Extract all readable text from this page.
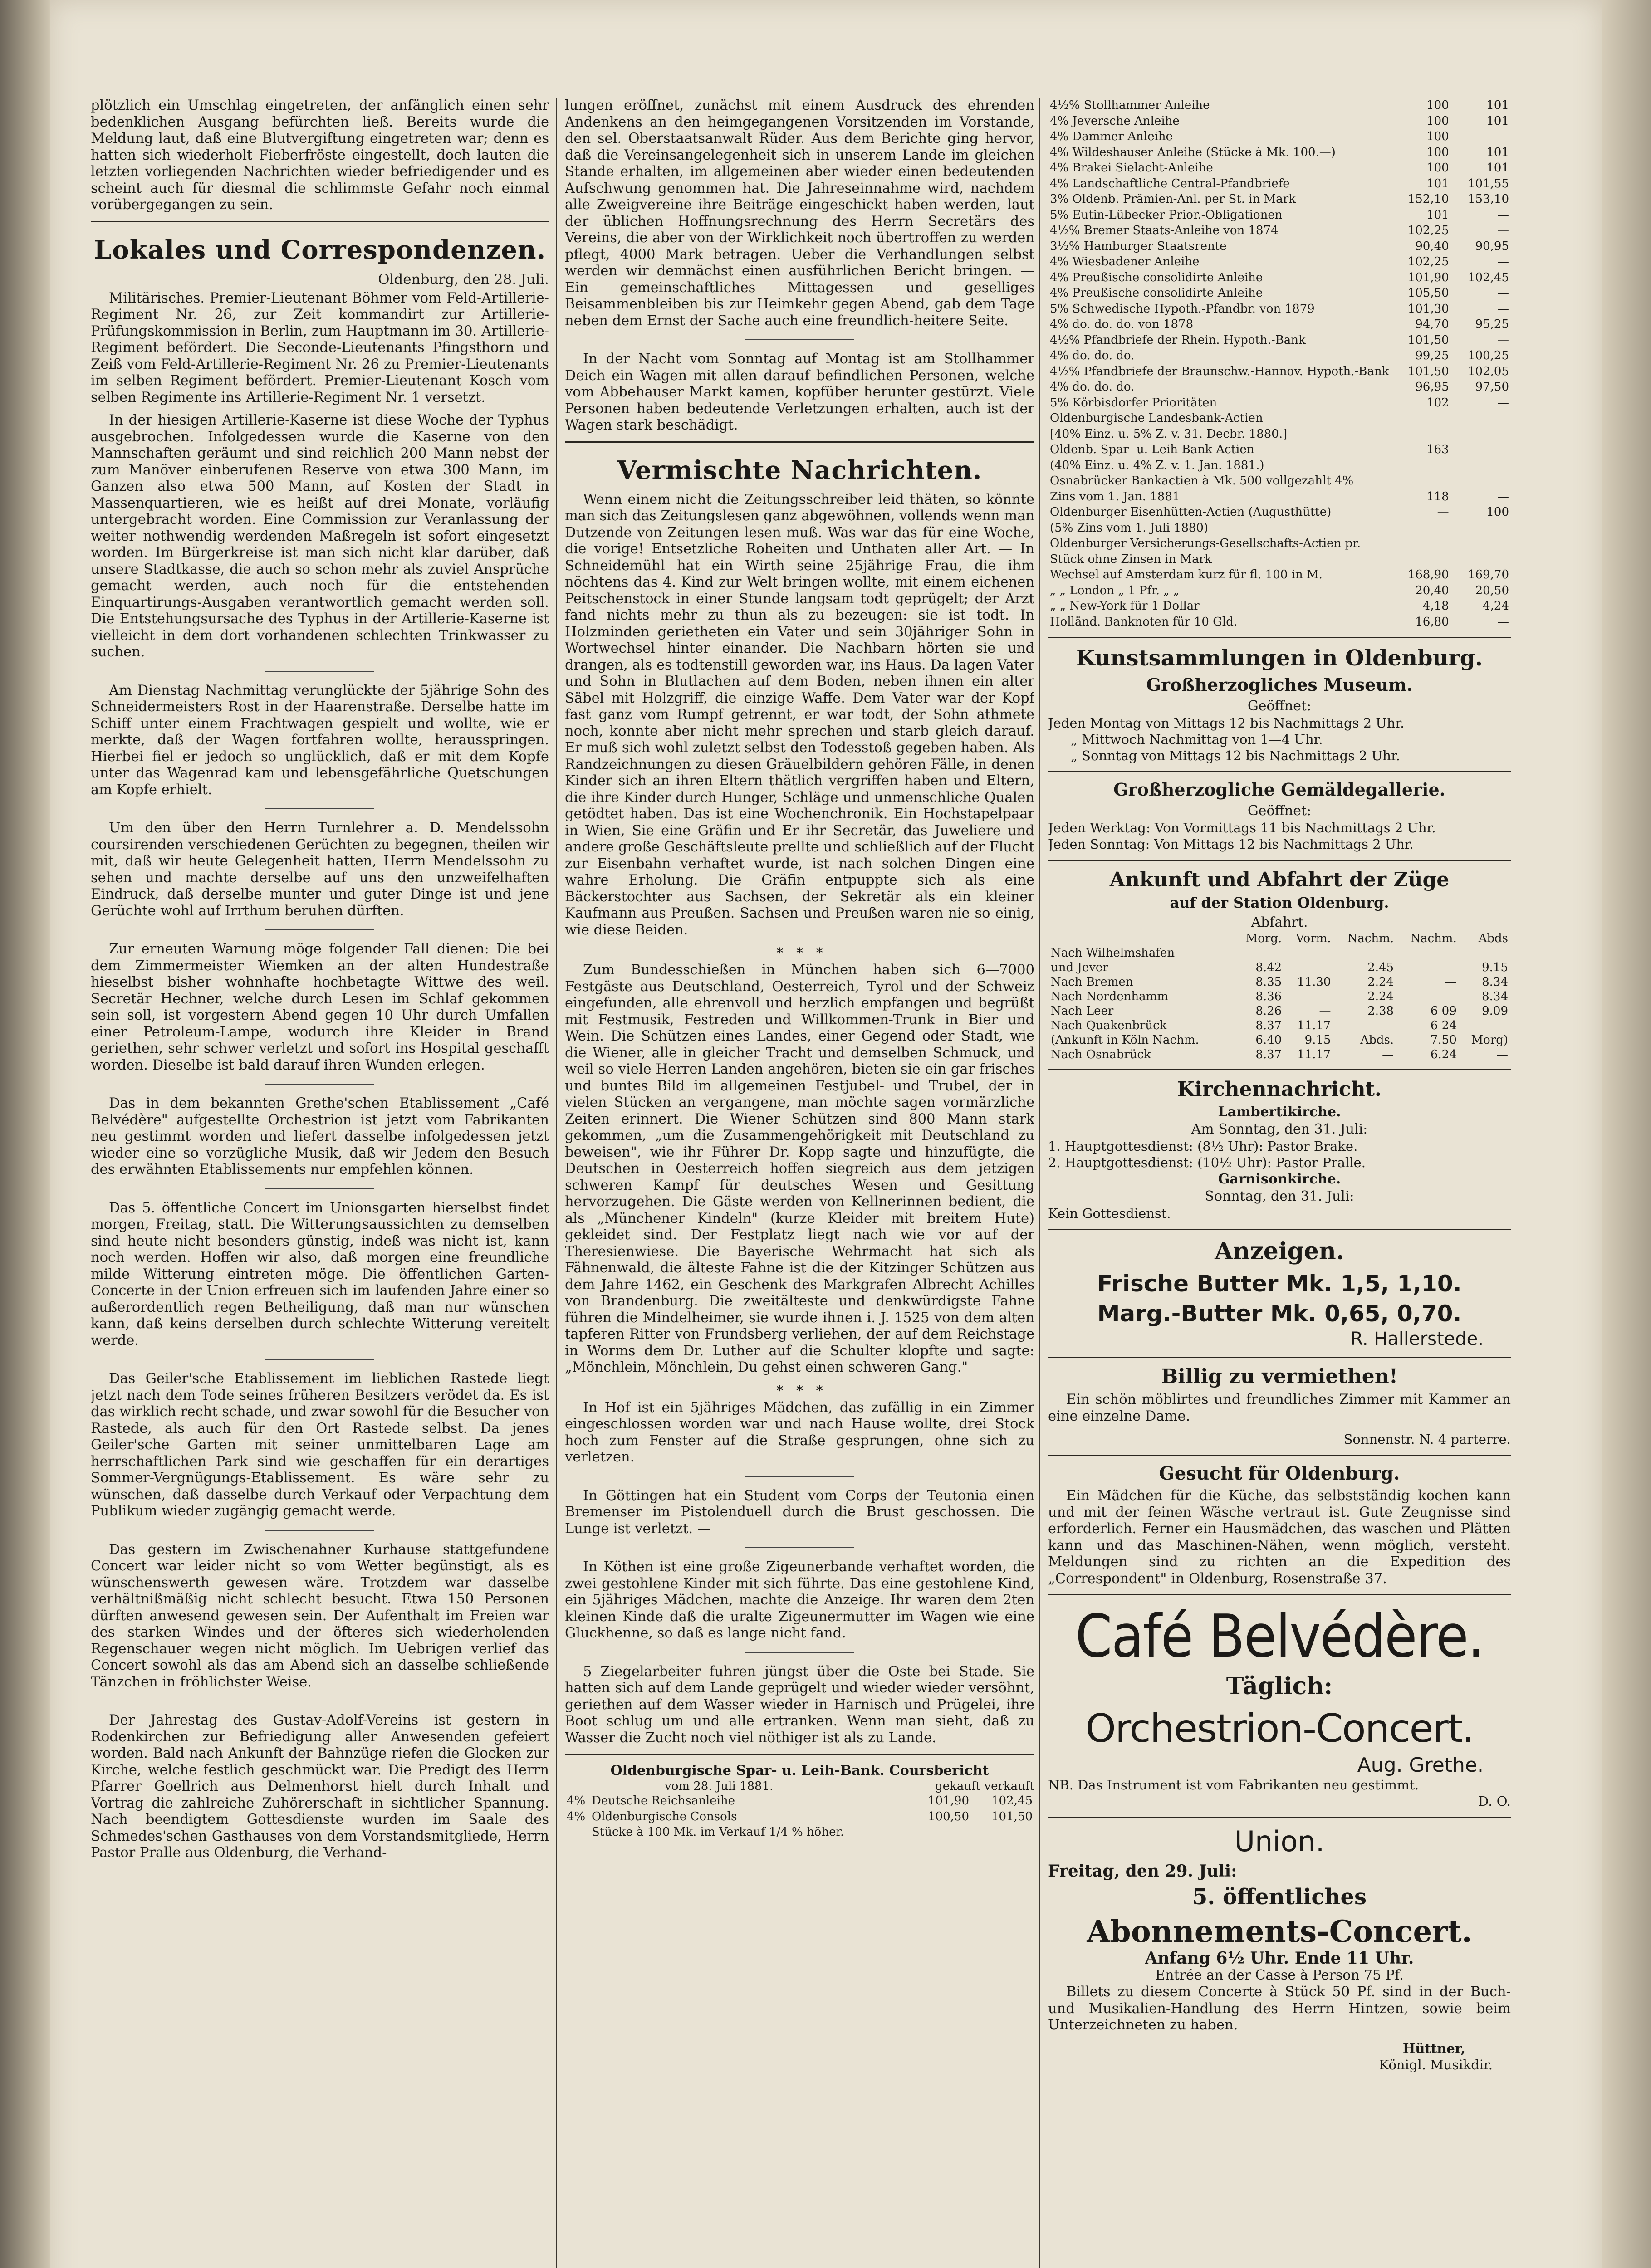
plötzlich ein Umschlag eingetreten, der anfänglich einen sehr bedenklichen Ausgang befürchten ließ. Bereits wurde die Meldung laut, daß eine Blutvergiftung eingetreten war; denn es hatten sich wiederholt Fieberfröste eingestellt, doch lauten die letzten vorliegenden Nachrichten wieder befriedigender und es scheint auch für diesmal die schlimmste Gefahr noch einmal vorübergegangen zu sein.

Lokales und Correspondenzen.
Oldenburg, den 28. Juli.

Militärisches. Premier-Lieutenant Böhmer vom Feld-Artillerie-Regiment Nr. 26, zur Zeit kommandirt zur Artillerie-Prüfungskommission in Berlin, zum Hauptmann im 30. Artillerie-Regiment befördert. Die Seconde-Lieutenants Pfingsthorn und Zeiß vom Feld-Artillerie-Regiment Nr. 26 zu Premier-Lieutenants im selben Regiment befördert. Premier-Lieutenant Kosch vom selben Regimente ins Artillerie-Regiment Nr. 1 versetzt.

In der hiesigen Artillerie-Kaserne ist diese Woche der Typhus ausgebrochen. Infolgedessen wurde die Kaserne von den Mannschaften geräumt und sind reichlich 200 Mann nebst der zum Manöver einberufenen Reserve von etwa 300 Mann, im Ganzen also etwa 500 Mann, auf Kosten der Stadt in Massenquartieren, wie es heißt auf drei Monate, vorläufig untergebracht worden. Eine Commission zur Veranlassung der weiter nothwendig werdenden Maßregeln ist sofort eingesetzt worden. Im Bürgerkreise ist man sich nicht klar darüber, daß unsere Stadtkasse, die auch so schon mehr als zuviel Ansprüche gemacht werden, auch noch für die entstehenden Einquartirungs-Ausgaben verantwortlich gemacht werden soll. Die Entstehungsursache des Typhus in der Artillerie-Kaserne ist vielleicht in dem dort vorhandenen schlechten Trinkwasser zu suchen.

Am Dienstag Nachmittag verunglückte der 5jährige Sohn des Schneidermeisters Rost in der Haarenstraße. Derselbe hatte im Schiff unter einem Frachtwagen gespielt und wollte, wie er merkte, daß der Wagen fortfahren wollte, herausspringen. Hierbei fiel er jedoch so unglücklich, daß er mit dem Kopfe unter das Wagenrad kam und lebensgefährliche Quetschungen am Kopfe erhielt.

Um den über den Herrn Turnlehrer a. D. Mendelssohn coursirenden verschiedenen Gerüchten zu begegnen, theilen wir mit, daß wir heute Gelegenheit hatten, Herrn Mendelssohn zu sehen und machte derselbe auf uns den unzweifelhaften Eindruck, daß derselbe munter und guter Dinge ist und jene Gerüchte wohl auf Irrthum beruhen dürften.

Zur erneuten Warnung möge folgender Fall dienen: Die bei dem Zimmermeister Wiemken an der alten Hundestraße hieselbst bisher wohnhafte hochbetagte Wittwe des weil. Secretär Hechner, welche durch Lesen im Schlaf gekommen sein soll, ist vorgestern Abend gegen 10 Uhr durch Umfallen einer Petroleum-Lampe, wodurch ihre Kleider in Brand geriethen, sehr schwer verletzt und sofort ins Hospital geschafft worden. Dieselbe ist bald darauf ihren Wunden erlegen.

Das in dem bekannten Grethe'schen Etablissement „Café Belvédère" aufgestellte Orchestrion ist jetzt vom Fabrikanten neu gestimmt worden und liefert dasselbe infolgedessen jetzt wieder eine so vorzügliche Musik, daß wir Jedem den Besuch des erwähnten Etablissements nur empfehlen können.

Das 5. öffentliche Concert im Unionsgarten hierselbst findet morgen, Freitag, statt. Die Witterungsaussichten zu demselben sind heute nicht besonders günstig, indeß was nicht ist, kann noch werden. Hoffen wir also, daß morgen eine freundliche milde Witterung eintreten möge. Die öffentlichen Garten-Concerte in der Union erfreuen sich im laufenden Jahre einer so außerordentlich regen Betheiligung, daß man nur wünschen kann, daß keins derselben durch schlechte Witterung vereitelt werde.

Das Geiler'sche Etablissement im lieblichen Rastede liegt jetzt nach dem Tode seines früheren Besitzers verödet da. Es ist das wirklich recht schade, und zwar sowohl für die Besucher von Rastede, als auch für den Ort Rastede selbst. Da jenes Geiler'sche Garten mit seiner unmittelbaren Lage am herrschaftlichen Park sind wie geschaffen für ein derartiges Sommer-Vergnügungs-Etablissement. Es wäre sehr zu wünschen, daß dasselbe durch Verkauf oder Verpachtung dem Publikum wieder zugängig gemacht werde.

Das gestern im Zwischenahner Kurhause stattgefundene Concert war leider nicht so vom Wetter begünstigt, als es wünschenswerth gewesen wäre. Trotzdem war dasselbe verhältnißmäßig nicht schlecht besucht. Etwa 150 Personen dürften anwesend gewesen sein. Der Aufenthalt im Freien war des starken Windes und der öfteres sich wiederholenden Regenschauer wegen nicht möglich. Im Uebrigen verlief das Concert sowohl als das am Abend sich an dasselbe schließende Tänzchen in fröhlichster Weise.

Der Jahrestag des Gustav-Adolf-Vereins ist gestern in Rodenkirchen zur Befriedigung aller Anwesenden gefeiert worden. Bald nach Ankunft der Bahnzüge riefen die Glocken zur Kirche, welche festlich geschmückt war. Die Predigt des Herrn Pfarrer Goellrich aus Delmenhorst hielt durch Inhalt und Vortrag die zahlreiche Zuhörerschaft in sichtlicher Spannung. Nach beendigtem Gottesdienste wurden im Saale des Schmedes'schen Gasthauses von dem Vorstandsmitgliede, Herrn Pastor Pralle aus Oldenburg, die Verhand-

lungen eröffnet, zunächst mit einem Ausdruck des ehrenden Andenkens an den heimgegangenen Vorsitzenden im Vorstande, den sel. Oberstaatsanwalt Rüder. Aus dem Berichte ging hervor, daß die Vereinsangelegenheit sich in unserem Lande im gleichen Stande erhalten, im allgemeinen aber wieder einen bedeutenden Aufschwung genommen hat. Die Jahreseinnahme wird, nachdem alle Zweigvereine ihre Beiträge eingeschickt haben werden, laut der üblichen Hoffnungsrechnung des Herrn Secretärs des Vereins, die aber von der Wirklichkeit noch übertroffen zu werden pflegt, 4000 Mark betragen. Ueber die Verhandlungen selbst werden wir demnächst einen ausführlichen Bericht bringen. — Ein gemeinschaftliches Mittagessen und geselliges Beisammenbleiben bis zur Heimkehr gegen Abend, gab dem Tage neben dem Ernst der Sache auch eine freundlich-heitere Seite.

In der Nacht vom Sonntag auf Montag ist am Stollhammer Deich ein Wagen mit allen darauf befindlichen Personen, welche vom Abbehauser Markt kamen, kopfüber herunter gestürzt. Viele Personen haben bedeutende Verletzungen erhalten, auch ist der Wagen stark beschädigt.

Vermischte Nachrichten.

Wenn einem nicht die Zeitungsschreiber leid thäten, so könnte man sich das Zeitungslesen ganz abgewöhnen, vollends wenn man Dutzende von Zeitungen lesen muß. Was war das für eine Woche, die vorige! Entsetzliche Roheiten und Unthaten aller Art. — In Schneidemühl hat ein Wirth seine 25jährige Frau, die ihm nöchtens das 4. Kind zur Welt bringen wollte, mit einem eichenen Peitschenstock in einer Stunde langsam todt geprügelt; der Arzt fand nichts mehr zu thun als zu bezeugen: sie ist todt. In Holzminden gerietheten ein Vater und sein 30jähriger Sohn in Wortwechsel hinter einander. Die Nachbarn hörten sie und drangen, als es todtenstill geworden war, ins Haus. Da lagen Vater und Sohn in Blutlachen auf dem Boden, neben ihnen ein alter Säbel mit Holzgriff, die einzige Waffe. Dem Vater war der Kopf fast ganz vom Rumpf getrennt, er war todt, der Sohn athmete noch, konnte aber nicht mehr sprechen und starb gleich darauf. Er muß sich wohl zuletzt selbst den Todesstoß gegeben haben. Als Randzeichnungen zu diesen Gräuelbildern gehören Fälle, in denen Kinder sich an ihren Eltern thätlich vergriffen haben und Eltern, die ihre Kinder durch Hunger, Schläge und unmenschliche Qualen getödtet haben. Das ist eine Wochenchronik. Ein Hochstapelpaar in Wien, Sie eine Gräfin und Er ihr Secretär, das Juweliere und andere große Geschäftsleute prellte und schließlich auf der Flucht zur Eisenbahn verhaftet wurde, ist nach solchen Dingen eine wahre Erholung. Die Gräfin entpuppte sich als eine Bäckerstochter aus Sachsen, der Sekretär als ein kleiner Kaufmann aus Preußen. Sachsen und Preußen waren nie so einig, wie diese Beiden.

*   *   *

Zum Bundesschießen in München haben sich 6—7000 Festgäste aus Deutschland, Oesterreich, Tyrol und der Schweiz eingefunden, alle ehrenvoll und herzlich empfangen und begrüßt mit Festmusik, Festreden und Willkommen-Trunk in Bier und Wein. Die Schützen eines Landes, einer Gegend oder Stadt, wie die Wiener, alle in gleicher Tracht und demselben Schmuck, und weil so viele Herren Landen angehören, bieten sie ein gar frisches und buntes Bild im allgemeinen Festjubel- und Trubel, der in vielen Stücken an vergangene, man möchte sagen vormärzliche Zeiten erinnert. Die Wiener Schützen sind 800 Mann stark gekommen, „um die Zusammengehörigkeit mit Deutschland zu beweisen", wie ihr Führer Dr. Kopp sagte und hinzufügte, die Deutschen in Oesterreich hoffen siegreich aus dem jetzigen schweren Kampf für deutsches Wesen und Gesittung hervorzugehen. Die Gäste werden von Kellnerinnen bedient, die als „Münchener Kindeln" (kurze Kleider mit breitem Hute) gekleidet sind. Der Festplatz liegt nach wie vor auf der Theresienwiese. Die Bayerische Wehrmacht hat sich als Fähnenwald, die älteste Fahne ist die der Kitzinger Schützen aus dem Jahre 1462, ein Geschenk des Markgrafen Albrecht Achilles von Brandenburg. Die zweitälteste und denkwürdigste Fahne führen die Mindelheimer, sie wurde ihnen i. J. 1525 von dem alten tapferen Ritter von Frundsberg verliehen, der auf dem Reichstage in Worms dem Dr. Luther auf die Schulter klopfte und sagte: „Mönchlein, Mönchlein, Du gehst einen schweren Gang."

*   *   *

In Hof ist ein 5jähriges Mädchen, das zufällig in ein Zimmer eingeschlossen worden war und nach Hause wollte, drei Stock hoch zum Fenster auf die Straße gesprungen, ohne sich zu verletzen.

In Göttingen hat ein Student vom Corps der Teutonia einen Bremenser im Pistolenduell durch die Brust geschossen. Die Lunge ist verletzt. —

In Köthen ist eine große Zigeunerbande verhaftet worden, die zwei gestohlene Kinder mit sich führte. Das eine gestohlene Kind, ein 5jähriges Mädchen, machte die Anzeige. Ihr waren dem 2ten kleinen Kinde daß die uralte Zigeunermutter im Wagen wie eine Gluckhenne, so daß es lange nicht fand.

5 Ziegelarbeiter fuhren jüngst über die Oste bei Stade. Sie hatten sich auf dem Lande geprügelt und wieder wieder versöhnt, geriethen auf dem Wasser wieder in Harnisch und Prügelei, ihre Boot schlug um und alle ertranken. Wenn man sieht, daß zu Wasser die Zucht noch viel nöthiger ist als zu Lande.

Oldenburgische Spar- u. Leih-Bank. Coursbericht
vom 28. Juli 1881.	gekauft verkauft
4%	Deutsche Reichsanleihe	101,90	102,45
4%	Oldenburgische Consols	100,50	101,50
	Stücke à 100 Mk. im Verkauf 1/4 % höher.		
4½% Stollhammer Anleihe	100	101
4% Jeversche Anleihe	100	101
4% Dammer Anleihe	100	—
4% Wildeshauser Anleihe (Stücke à Mk. 100.—)	100	101
4% Brakei Sielacht-Anleihe	100	101
4% Landschaftliche Central-Pfandbriefe	101	101,55
3% Oldenb. Prämien-Anl. per St. in Mark	152,10	153,10
5% Eutin-Lübecker Prior.-Obligationen	101	—
4½% Bremer Staats-Anleihe von 1874	102,25	—
3½% Hamburger Staatsrente	90,40	90,95
4% Wiesbadener Anleihe	102,25	—
4% Preußische consolidirte Anleihe	101,90	102,45
4% Preußische consolidirte Anleihe	105,50	—
5% Schwedische Hypoth.-Pfandbr. von 1879	101,30	—
4% do. do. do. von 1878	94,70	95,25
4½% Pfandbriefe der Rhein. Hypoth.-Bank	101,50	—
4% do. do. do.	99,25	100,25
4½% Pfandbriefe der Braunschw.-Hannov. Hypoth.-Bank	101,50	102,05
4% do. do. do.	96,95	97,50
5% Körbisdorfer Prioritäten	102	—
Oldenburgische Landesbank-Actien		
[40% Einz. u. 5% Z. v. 31. Decbr. 1880.]		
Oldenb. Spar- u. Leih-Bank-Actien	163	—
(40% Einz. u. 4% Z. v. 1. Jan. 1881.)		
Osnabrücker Bankactien à Mk. 500 vollgezahlt 4%		
Zins vom 1. Jan. 1881	118	—
Oldenburger Eisenhütten-Actien (Augusthütte)	—	100
(5% Zins vom 1. Juli 1880)		
Oldenburger Versicherungs-Gesellschafts-Actien pr.		
Stück ohne Zinsen in Mark		
Wechsel auf Amsterdam kurz für fl. 100 in M.	168,90	169,70
„ „ London „ 1 Pfr. „ „	20,40	20,50
„ „ New-York für 1 Dollar	4,18	4,24
Holländ. Banknoten für 10 Gld.	16,80	—
Kunstsammlungen in Oldenburg.
Großherzogliches Museum.
Geöffnet:
Jeden Montag von Mittags 12 bis Nachmittags 2 Uhr.
„ Mittwoch Nachmittag von 1—4 Uhr.
„ Sonntag von Mittags 12 bis Nachmittags 2 Uhr.
Großherzogliche Gemäldegallerie.
Geöffnet:
Jeden Werktag: Von Vormittags 11 bis Nachmittags 2 Uhr.
Jeden Sonntag: Von Mittags 12 bis Nachmittags 2 Uhr.
Ankunft und Abfahrt der Züge
auf der Station Oldenburg.
Abfahrt.
	Morg.	Vorm.	Nachm.	Nachm.	Abds
Nach Wilhelmshafen					
und Jever	8.42	—	2.45	—	9.15
Nach Bremen	8.35	11.30	2.24	—	8.34
Nach Nordenhamm	8.36	—	2.24	—	8.34
Nach Leer	8.26	—	2.38	6 09	9.09
Nach Quakenbrück	8.37	11.17	—	6 24	—
(Ankunft in Köln Nachm.	6.40	9.15	Abds.	7.50	Morg)
Nach Osnabrück	8.37	11.17	—	6.24	—
Kirchennachricht.
Lambertikirche.
Am Sonntag, den 31. Juli:
1. Hauptgottesdienst: (8½ Uhr): Pastor Brake.
2. Hauptgottesdienst: (10½ Uhr): Pastor Pralle.
Garnisonkirche.
Sonntag, den 31. Juli:
Kein Gottesdienst.
Anzeigen.
Frische Butter Mk. 1,5, 1,10.
Marg.-Butter Mk. 0,65, 0,70.
R. Hallerstede.
Billig zu vermiethen!

Ein schön möblirtes und freundliches Zimmer mit Kammer an eine einzelne Dame.

Sonnenstr. N. 4 parterre.
Gesucht für Oldenburg.

Ein Mädchen für die Küche, das selbstständig kochen kann und mit der feinen Wäsche vertraut ist. Gute Zeugnisse sind erforderlich. Ferner ein Hausmädchen, das waschen und Plätten kann und das Maschinen-Nähen, wenn möglich, versteht. Meldungen sind zu richten an die Expedition des „Correspondent" in Oldenburg, Rosenstraße 37.

Café Belvédère.
Täglich:
Orchestrion-Concert.
Aug. Grethe.
NB. Das Instrument ist vom Fabrikanten neu gestimmt.
D. O.
Union.
Freitag, den 29. Juli:
5. öffentliches
Abonnements-Concert.
Anfang 6½ Uhr. Ende 11 Uhr.
Entrée an der Casse à Person 75 Pf.

Billets zu diesem Concerte à Stück 50 Pf. sind in der Buch- und Musikalien-Handlung des Herrn Hintzen, sowie beim Unterzeichneten zu haben.

Hüttner,
Königl. Musikdir.
